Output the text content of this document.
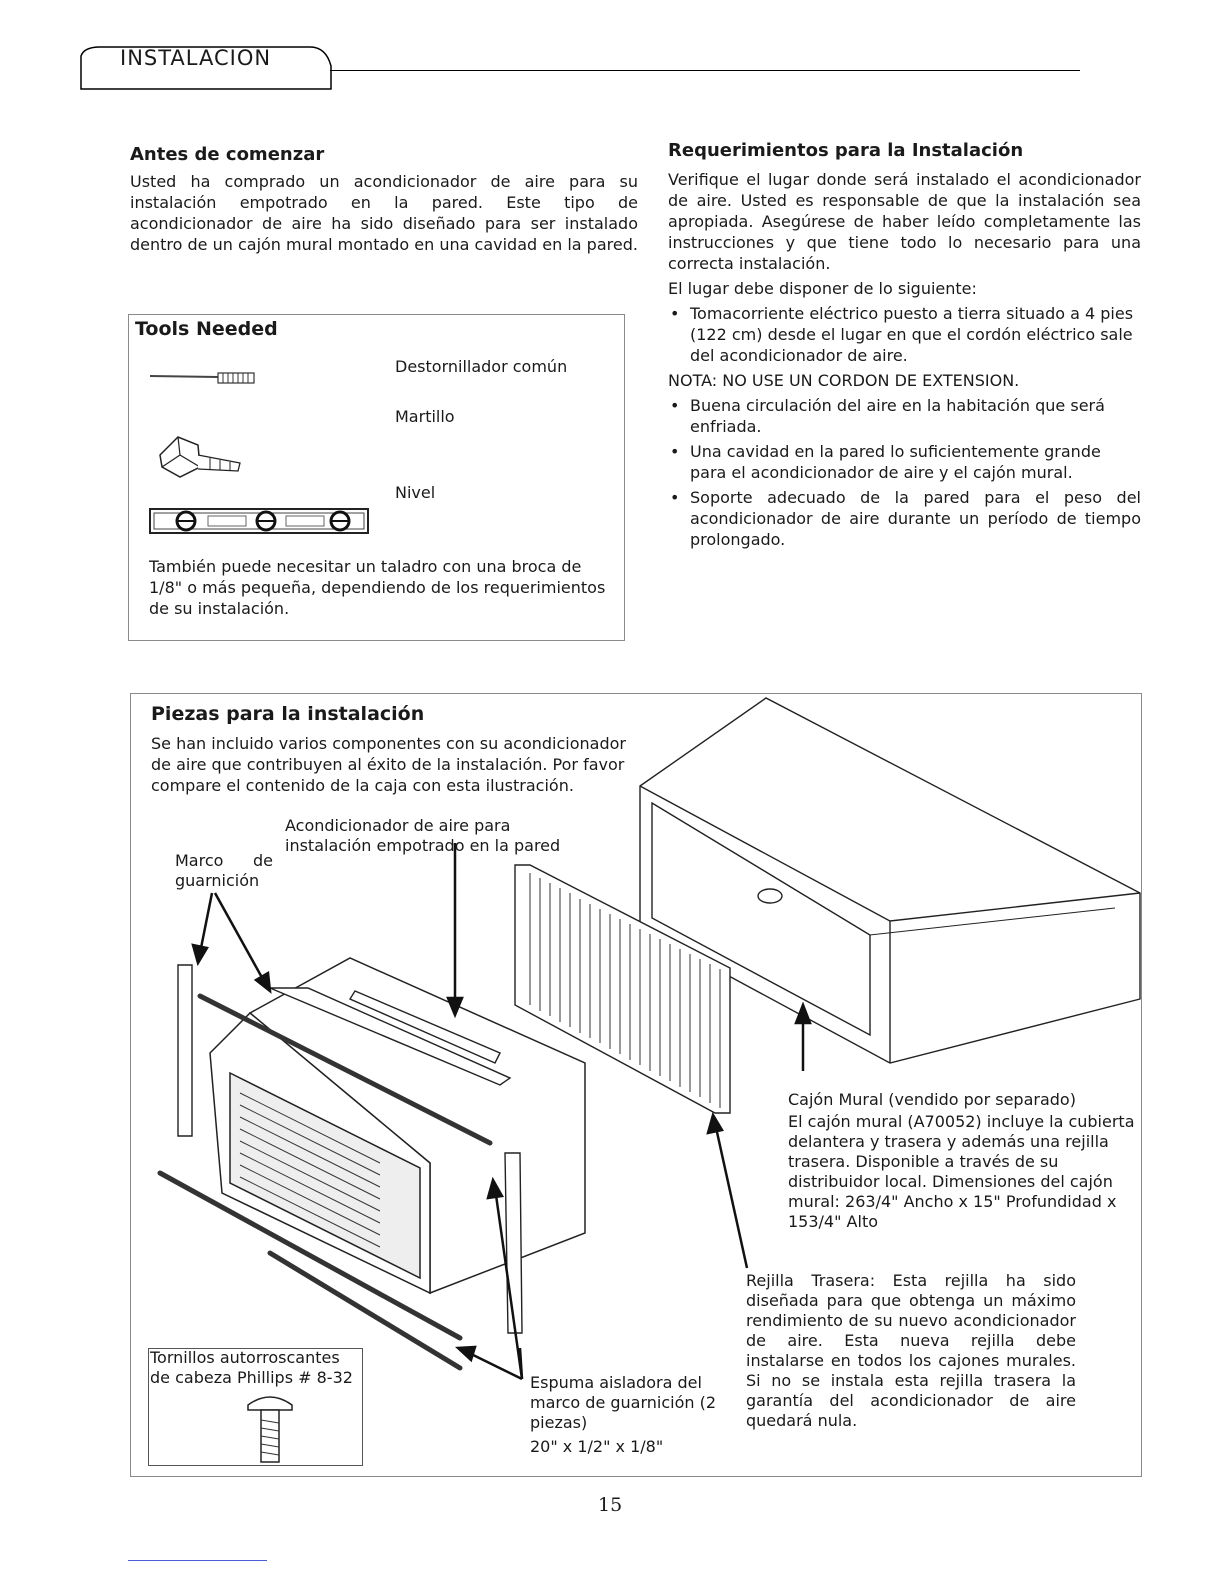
INSTALACION
Antes de comenzar

Usted ha comprado un acondicionador de aire para su instalación empotrado en la pared. Este tipo de acondicionador de aire ha sido diseñado para ser instalado dentro de un cajón mural montado en una cavidad en la pared.

Requerimientos para la Instalación

Verifique el lugar donde será instalado el acondicionador de aire. Usted es responsable de que la instalación sea apropiada. Asegúrese de haber leído completamente las instrucciones y que tiene todo lo necesario para una correcta instalación.

El lugar debe disponer de lo siguiente:

• Tomacorriente eléctrico puesto a tierra situado a 4 pies (122 cm) desde el lugar en que el cordón eléctrico sale del acondicionador de aire.

NOTA: NO USE UN CORDON DE EXTENSION.

• Buena circulación del aire en la habitación que será enfriada.
• Una cavidad en la pared lo suficientemente grande para el acondicionador de aire y el cajón mural.
• Soporte adecuado de la pared para el peso del acondicionador de aire durante un período de tiempo prolongado.
Tools Needed
Destornillador común
Martillo
Nivel

También puede necesitar un taladro con una broca de 1/8" o más pequeña, dependiendo de los requerimientos de su instalación.

Piezas para la instalación

Se han incluido varios componentes con su acondicionador de aire que contribuyen al éxito de la instalación. Por favor compare el contenido de la caja con esta ilustración.

Acondicionador de aire para instalación empotrado en la pared
Marco de guarnición
Cajón Mural (vendido por separado)
El cajón mural (A70052) incluye la cubierta delantera y trasera y además una rejilla trasera. Disponible a través de su distribuidor local. Dimensiones del cajón mural: 263/4" Ancho x 15" Profundidad x 153/4" Alto
Rejilla Trasera: Esta rejilla ha sido diseñada para que obtenga un máximo rendimiento de su nuevo acondicionador de aire. Esta nueva rejilla debe instalarse en todos los cajones murales. Si no se instala esta rejilla trasera la garantía del acondicionador de aire quedará nula.
Espuma aisladora del marco de guarnición (2 piezas)
20" x 1/2" x 1/8"
Tornillos autorroscantes de cabeza Phillips # 8-32
15
